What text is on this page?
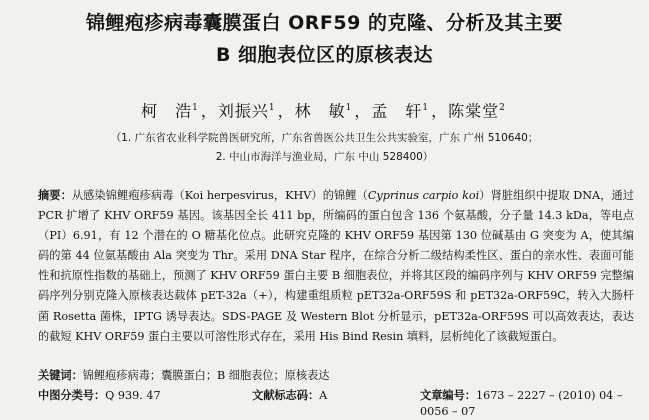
锦鲤疱疹病毒囊膜蛋白 ORF59 的克隆、分析及其主要
B 细胞表位区的原核表达
柯　浩$^1$ ，刘振兴$^1$ ，林　敏$^1$ ，孟　轩$^1$ ，陈棠堂$^2$
（1. 广东省农业科学院兽医研究所，广东省兽医公共卫生公共实验室，广东 广州 510640；
2. 中山市海洋与渔业局，广东 中山 528400）
摘要：从感染锦鲤疱疹病毒（Koi herpesvirus，KHV）的锦鲤（Cyprinus carpio koi）肾脏组织中提取 DNA，通过 PCR 扩增了 KHV ORF59 基因。该基因全长 411 bp，所编码的蛋白包含 136 个氨基酸，分子量 14.3 kDa，等电点（PI）6.91，有 12 个潜在的 O 糖基化位点。此研究克隆的 KHV ORF59 基因第 130 位碱基由 G 突变为 A，使其编码的第 44 位氨基酸由 Ala 突变为 Thr。采用 DNA Star 程序，在综合分析二级结构柔性区、蛋白的亲水性、表面可能性和抗原性指数的基础上，预测了 KHV ORF59 蛋白主要 B 细胞表位，并将其区段的编码序列与 KHV ORF59 完整编码序列分别克隆入原核表达载体 pET-32a（+），构建重组质粒 pET32a-ORF59S 和 pET32a-ORF59C，转入大肠杆菌 Rosetta 菌株，IPTG 诱导表达。SDS-PAGE 及 Western Blot 分析显示，pET32a-ORF59S 可以高效表达，表达的截短 KHV ORF59 蛋白主要以可溶性形式存在，采用 His Bind Resin 填料，层析纯化了该截短蛋白。
关键词：锦鲤疱疹病毒；囊膜蛋白；B 细胞表位；原核表达
中图分类号：Q 939. 47	文献标志码：A	文章编号：1673 – 2227 – (2010) 04 – 0056 – 07
